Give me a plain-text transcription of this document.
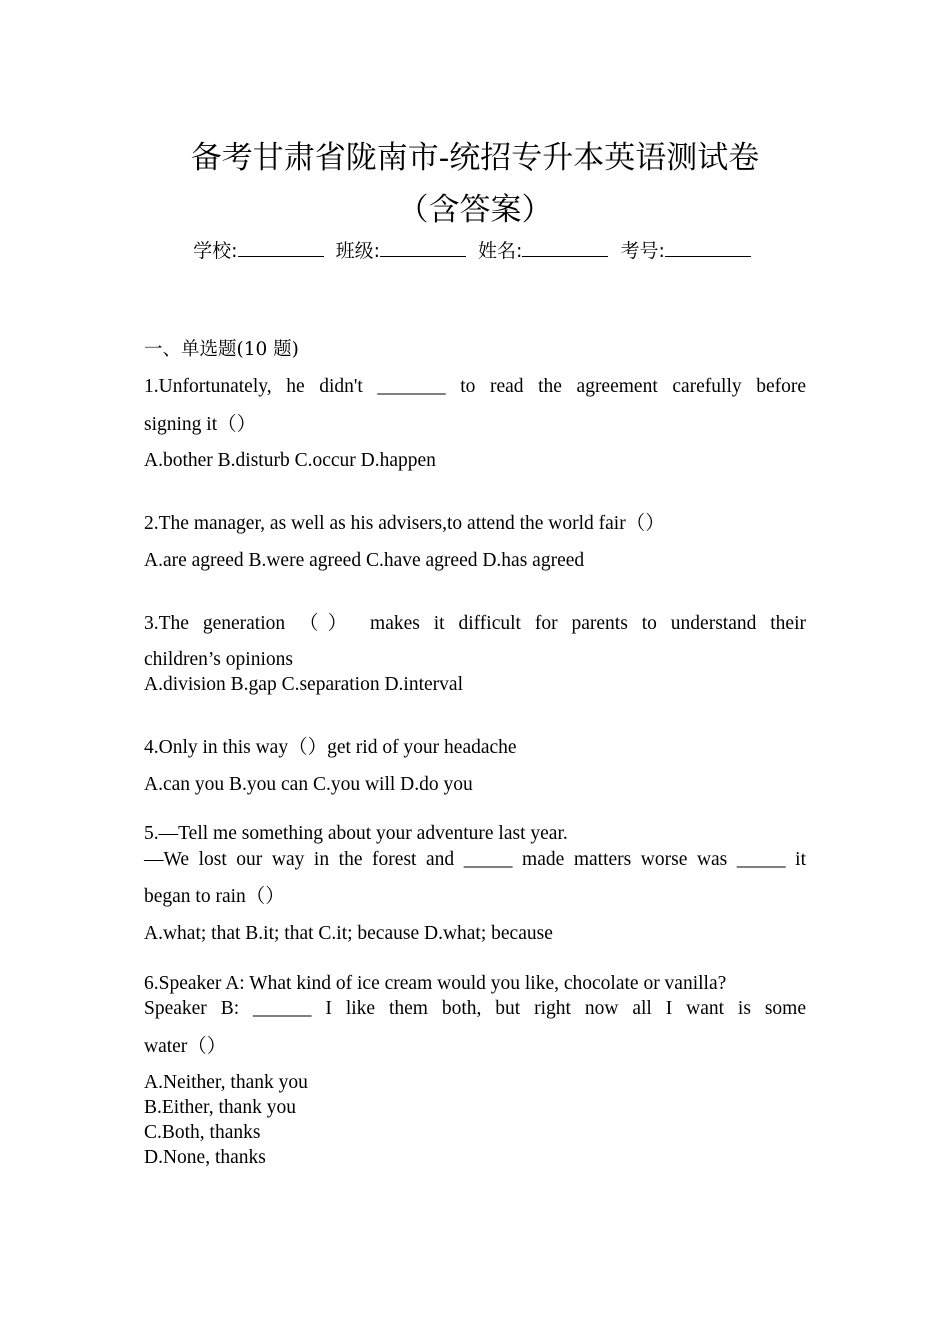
备考甘肃省陇南市-统招专升本英语测试卷
（含答案）
学校:	班级:	姓名:	考号:
一、单选题(10 题)
1.Unfortunately, he didn't _______ to read the agreement carefully before
signing it（）
A.bother B.disturb C.occur D.happen
2.The manager, as well as his advisers,to attend the world fair（）
A.are agreed B.were agreed C.have agreed D.has agreed
3.The generation （） makes it difficult for parents to understand their
children’s opinions
A.division B.gap C.separation D.interval
4.Only in this way（）get rid of your headache
A.can you B.you can C.you will D.do you
5.—Tell me something about your adventure last year.
—We lost our way in the forest and _____ made matters worse was _____ it
began to rain（）
A.what; that B.it; that C.it; because D.what; because
6.Speaker A: What kind of ice cream would you like, chocolate or vanilla?
Speaker B: ______ I like them both, but right now all I want is some
water（）
A.Neither, thank you
B.Either, thank you
C.Both, thanks
D.None, thanks
